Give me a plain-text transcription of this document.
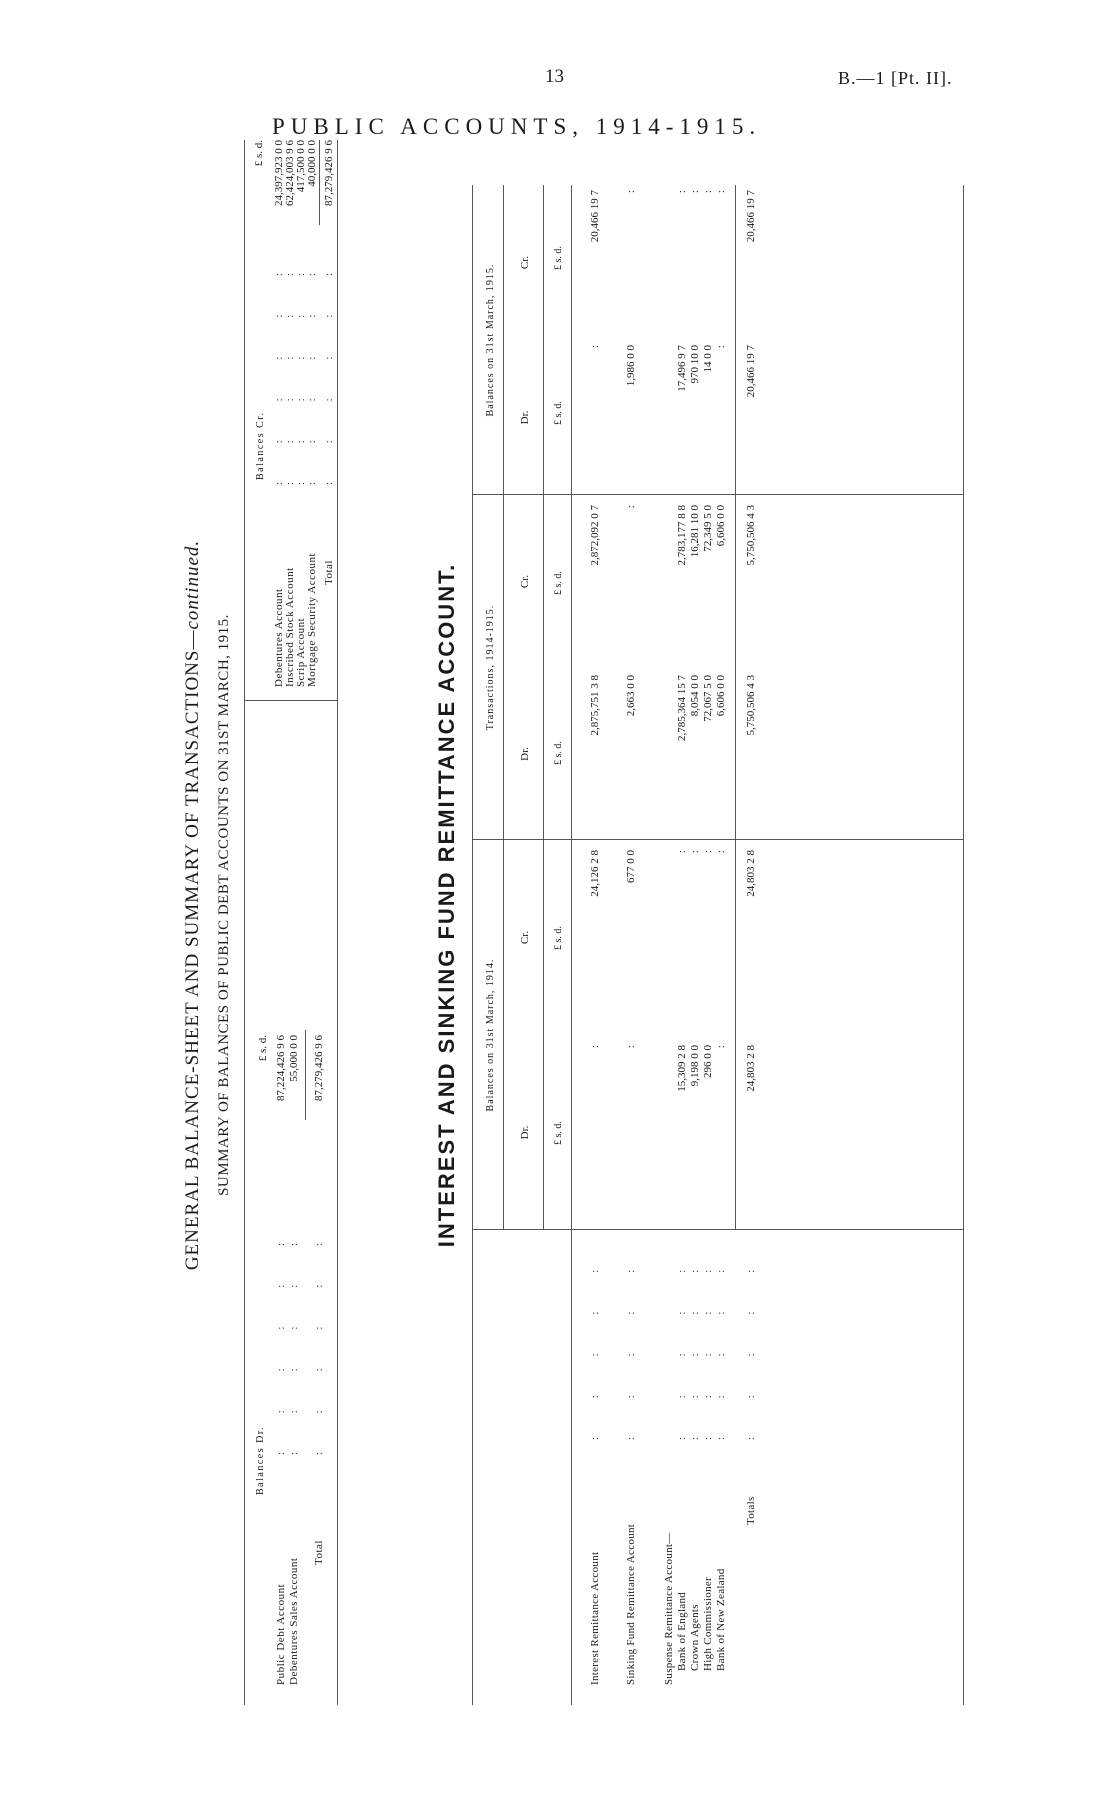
13	B.—1 [Pt. II].
PUBLIC ACCOUNTS, 1914-1915.
GENERAL BALANCE-SHEET AND SUMMARY OF TRANSACTIONS—continued.
SUMMARY OF BALANCES OF PUBLIC DEBT ACCOUNTS ON 31ST MARCH, 1915.
Balances Dr.
£ s. d.
Public Debt Account
: : : : : :
87,224,426 9 6
Debentures Sales Account
: : : : : :
55,000 0 0
Total
: : : : : :
87,279,426 9 6
Balances Cr.
£ s. d.
Debentures Account
: : : : : :
24,397,923 0 0
Inscribed Stock Account
: : : : : :
62,424,003 9 6
Scrip Account
: : : : : :
417,500 0 0
Mortgage Security Account
: : : : : :
40,000 0 0
Total
: : : : : :
87,279,426 9 6
INTEREST AND SINKING FUND REMITTANCE ACCOUNT.	Balances on 31st March, 1914.
Transactions, 1914-1915.
Balances on 31st March, 1915.
Dr.
Cr.
Dr.
Cr.
Dr.
Cr.
£ s. d.
£ s. d.
£ s. d.
£ s. d.
£ s. d.
£ s. d.
Interest Remittance Account
: : : : :
:
24,126 2 8
2,875,751 3 8
2,872,092 0 7
:
20,466 19 7
Sinking Fund Remittance Account
: : : : :
:
677 0 0
2,663 0 0
:
1,986 0 0
:
Suspense Remittance Account— Bank of England
: : : : :
15,309 2 8
:
2,785,364 15 7
2,783,177 8 8
17,496 9 7
:
Crown Agents
: : : : :
9,198 0 0
:
8,054 0 0
16,281 10 0
970 10 0
:
High Commissioner
: : : : :
296 0 0
:
72,067 5 0
72,349 5 0
14 0 0
:
Bank of New Zealand
: : : : :
:
:
6,606 0 0
6,606 0 0
:
:
Totals
: : : : :
24,803 2 8
24,803 2 8
5,750,506 4 3
5,750,506 4 3
20,466 19 7
20,466 19 7
